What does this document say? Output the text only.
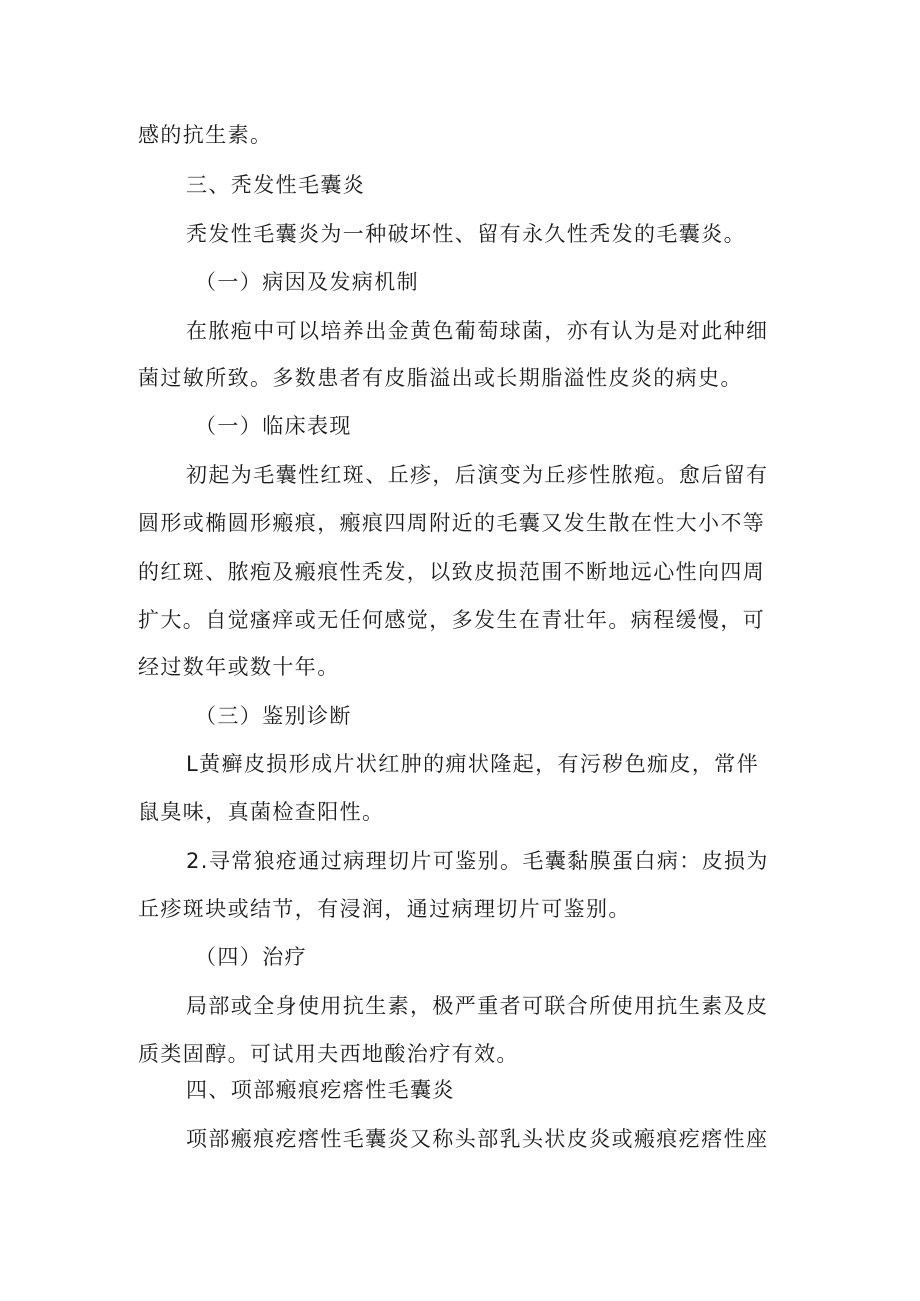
感的抗生素。
三、秃发性毛囊炎
秃发性毛囊炎为一种破坏性、留有永久性秃发的毛囊炎。
（一）病因及发病机制
在脓疱中可以培养出金黄色葡萄球菌，亦有认为是对此种细
菌过敏所致。多数患者有皮脂溢出或长期脂溢性皮炎的病史。
（一）临床表现
初起为毛囊性红斑、丘疹，后演变为丘疹性脓疱。愈后留有
圆形或椭圆形瘢痕，瘢痕四周附近的毛囊又发生散在性大小不等
的红斑、脓疱及瘢痕性秃发，以致皮损范围不断地远心性向四周
扩大。自觉瘙痒或无任何感觉，多发生在青壮年。病程缓慢，可
经过数年或数十年。
（三）鉴别诊断
L黄癣皮损形成片状红肿的痈状隆起，有污秽色痂皮，常伴
鼠臭味，真菌检查阳性。
2.寻常狼疮通过病理切片可鉴别。毛囊黏膜蛋白病：皮损为
丘疹斑块或结节，有浸润，通过病理切片可鉴别。
（四）治疗
局部或全身使用抗生素，极严重者可联合所使用抗生素及皮
质类固醇。可试用夫西地酸治疗有效。
四、项部瘢痕疙瘩性毛囊炎
项部瘢痕疙瘩性毛囊炎又称头部乳头状皮炎或瘢痕疙瘩性座
